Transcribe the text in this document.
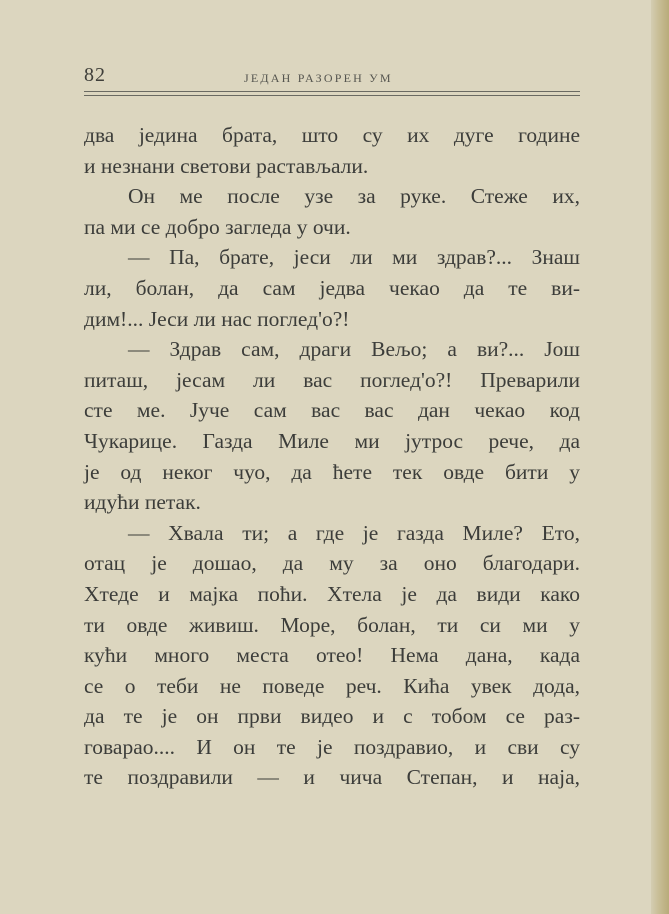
82	ЈЕДАН РАЗОРЕН УМ
два једина брата, што су их дуге године
и незнани светови растављали.
Он ме после узе за руке. Стеже их,
па ми се добро загледа у очи.
— Па, брате, јеси ли ми здрав?... Знаш
ли, болан, да сам једва чекао да те ви-
дим!... Јеси ли нас поглед'о?!
— Здрав сам, драги Вељо; а ви?... Још
питаш, јесам ли вас поглед'о?! Преварили
сте ме. Јуче сам вас вас дан чекао код
Чукарице. Газда Миле ми јутрос рече, да
је од неког чуо, да ћете тек овде бити у
идући петак.
— Хвала ти; а где је газда Миле? Ето,
отац је дошао, да му за оно благодари.
Хтеде и мајка поћи. Хтела је да види како
ти овде живиш. Море, болан, ти си ми у
кући много места отео! Нема дана, када
се о теби не поведе реч. Кића увек дода,
да те је он први видео и с тобом се раз-
говарао.... И он те је поздравио, и сви су
те поздравили — и чича Степан, и нaја,
